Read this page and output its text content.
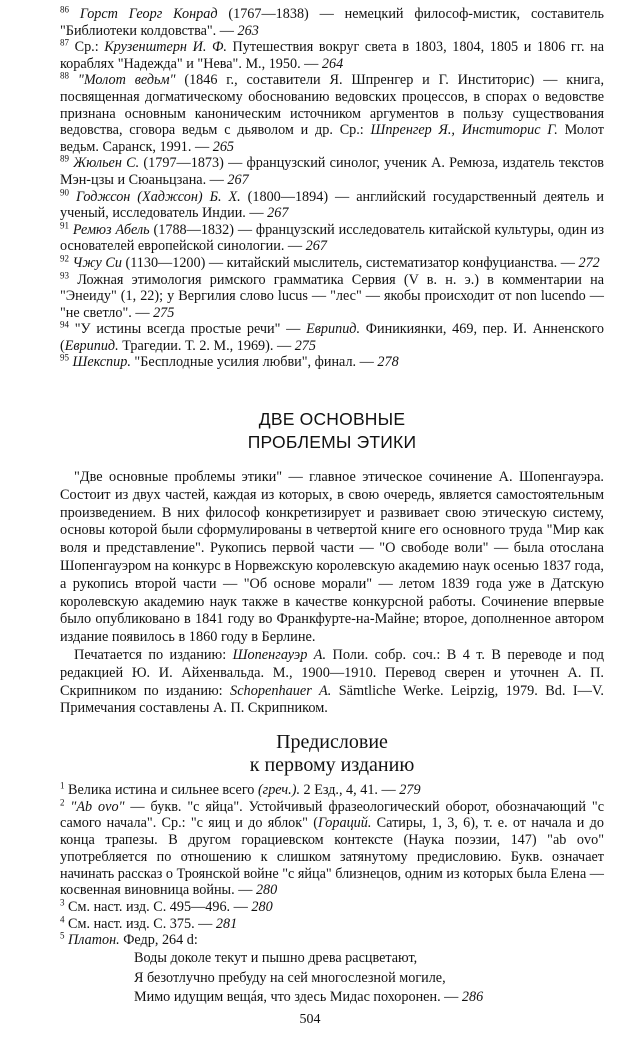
$^{86}$ Горст Георг Конрад (1767—1838) — немецкий философ-мистик, составитель "Библиотеки колдовства". — 263

$^{87}$ Ср.: Крузенштерн И. Ф. Путешествия вокруг света в 1803, 1804, 1805 и 1806 гг. на кораблях "Надежда" и "Нева". М., 1950. — 264

$^{88}$ "Молот ведьм" (1846 г., составители Я. Шпренгер и Г. Инститорис) — книга, посвященная догматическому обоснованию ведовских процессов, в спорах о ведовстве признана основным каноническим источником аргументов в пользу существования ведовства, сговора ведьм с дьяволом и др. Ср.: Шпренгер Я., Инститорис Г. Молот ведьм. Саранск, 1991. — 265

$^{89}$ Жюльен С. (1797—1873) — французский синолог, ученик А. Ремюза, издатель текстов Мэн-цзы и Сюаньцзана. — 267

$^{90}$ Годжсон (Хаджсон) Б. Х. (1800—1894) — английский государственный деятель и ученый, исследователь Индии. — 267

$^{91}$ Ремюз Абель (1788—1832) — французский исследователь китайской культуры, один из основателей европейской синологии. — 267

$^{92}$ Чжу Си (1130—1200) — китайский мыслитель, систематизатор конфуцианства. — 272

$^{93}$ Ложная этимология римского грамматика Сервия (V в. н. э.) в комментарии на "Энеиду" (1, 22); у Вергилия слово lucus — "лес" — якобы происходит от non lucendo — "не светло". — 275

$^{94}$ "У истины всегда простые речи" — Еврипид. Финикиянки, 469, пер. И. Анненского (Еврипид. Трагедии. Т. 2. М., 1969). — 275

$^{95}$ Шекспир. "Бесплодные усилия любви", финал. — 278

ДВЕ ОСНОВНЫЕ
ПРОБЛЕМЫ ЭТИКИ

"Две основные проблемы этики" — главное этическое сочинение А. Шопенгауэра. Состоит из двух частей, каждая из которых, в свою очередь, является самостоятельным произведением. В них философ конкретизирует и развивает свою этическую систему, основы которой были сформулированы в четвертой книге его основного труда "Мир как воля и представление". Рукопись первой части — "О свободе воли" — была отослана Шопенгауэром на конкурс в Норвежскую королевскую академию наук осенью 1837 года, а рукопись второй части — "Об основе морали" — летом 1839 года уже в Датскую королевскую академию наук также в качестве конкурсной работы. Сочинение впервые было опубликовано в 1841 году во Франкфурте-на-Майне; второе, дополненное автором издание появилось в 1860 году в Берлине.

Печатается по изданию: Шопенгауэр А. Поли. собр. соч.: В 4 т. В переводе и под редакцией Ю. И. Айхенвальда. М., 1900—1910. Перевод сверен и уточнен А. П. Скрипником по изданию: Schopenhauer A. Sämtliche Werke. Leipzig, 1979. Bd. I—V. Примечания составлены А. П. Скрипником.

Предисловие
к первому изданию

$^1$ Велика истина и сильнее всего (греч.). 2 Езд., 4, 41. — 279

$^2$ "Ab ovo" — букв. "с яйца". Устойчивый фразеологический оборот, обозначающий "с самого начала". Ср.: "с яиц и до яблок" (Гораций. Сатиры, 1, 3, 6), т. е. от начала и до конца трапезы. В другом горациевском контексте (Наука поэзии, 147) "ab ovo" употребляется по отношению к слишком затянутому предисловию. Букв. означает начинать рассказ о Троянской войне "с яйца" близнецов, одним из которых была Елена — косвенная виновница войны. — 280

$^3$ См. наст. изд. С. 495—496. — 280

$^4$ См. наст. изд. С. 375. — 281

$^5$ Платон. Федр, 264 d:

Воды доколе текут и пышно древа расцветают,
Я безотлучно пребуду на сей многослезной могиле,
Мимо идущим вещáя, что здесь Мидас похоронен. — 286
504
